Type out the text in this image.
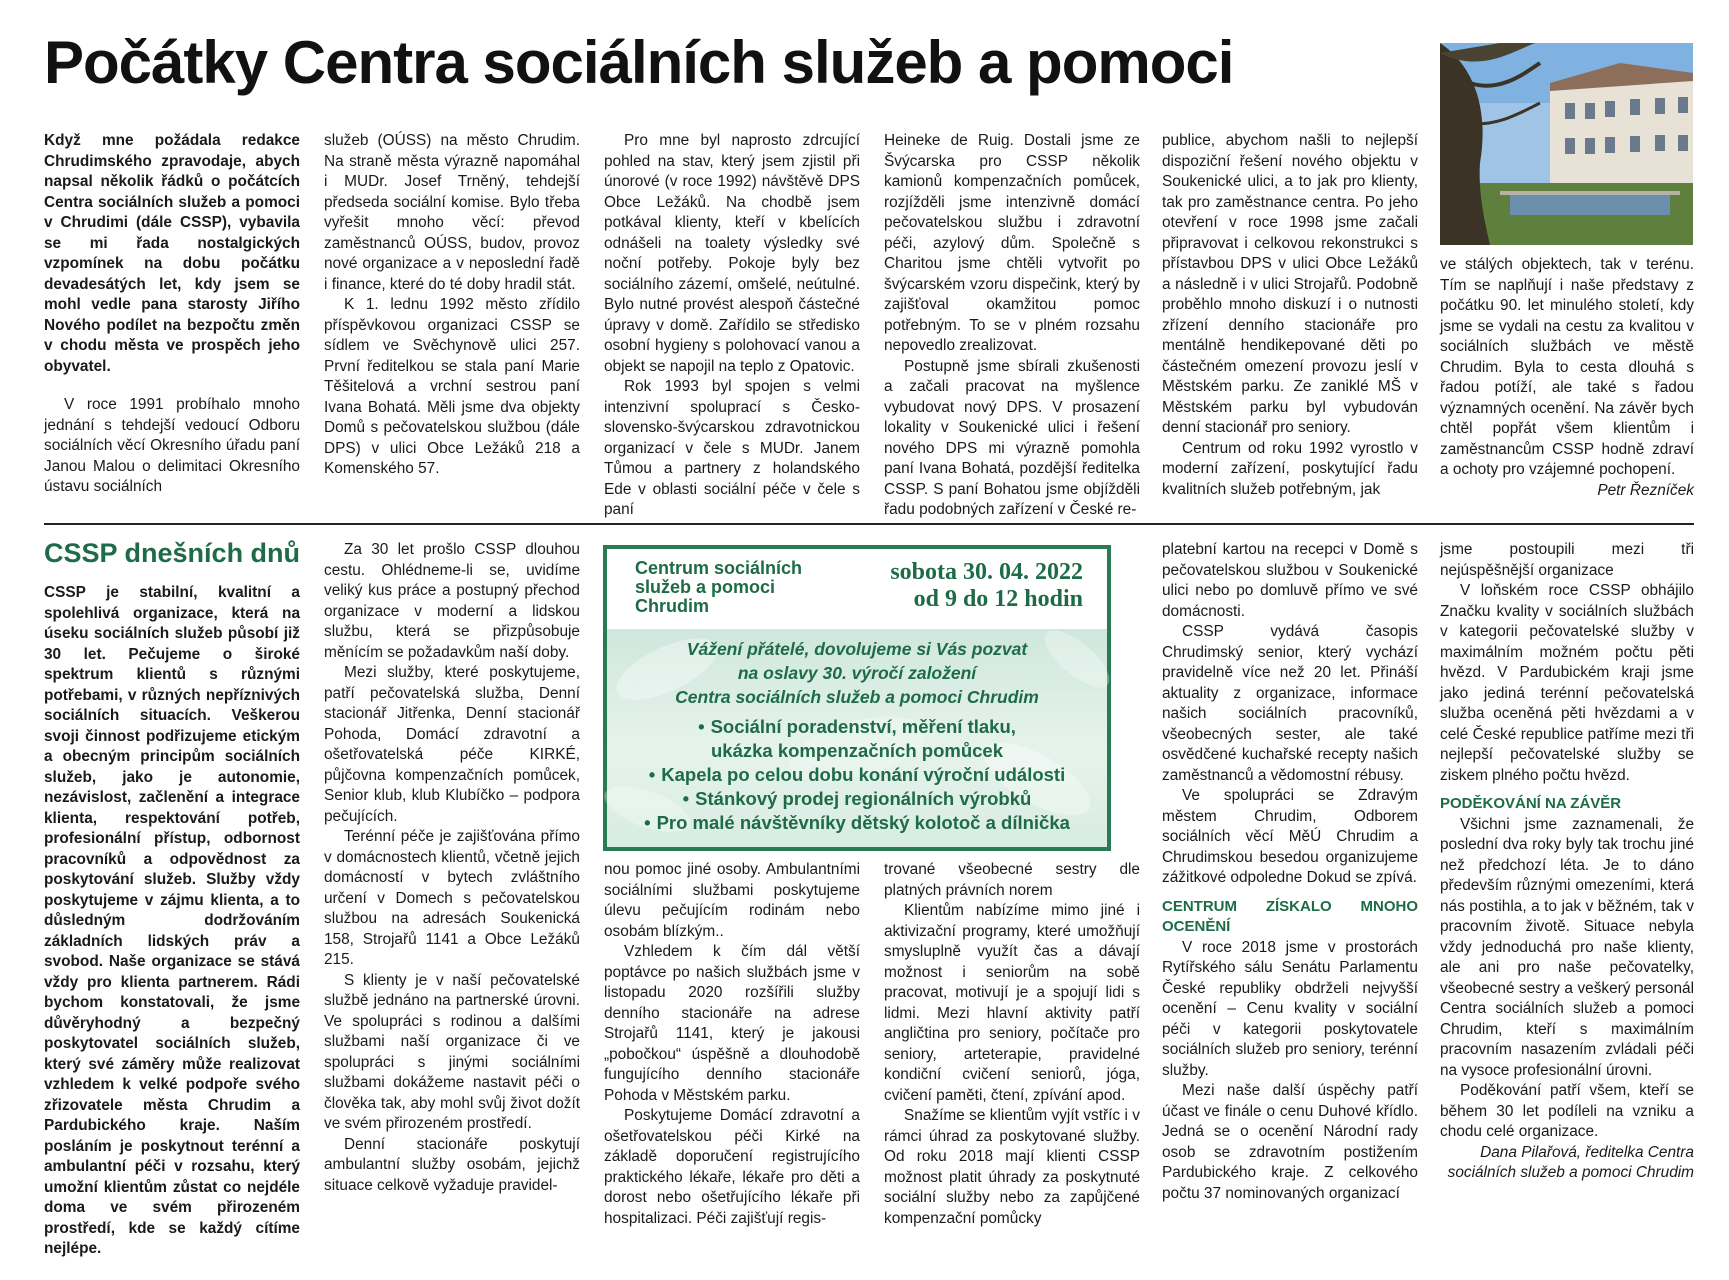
Počátky Centra sociálních služeb a pomoci

Když mne požádala redakce Chrudimského zpravodaje, abych napsal několik řádků o počátcích Centra sociálních služeb a pomoci v Chrudimi (dále CSSP), vybavila se mi řada nostalgických vzpomínek na dobu počátku devadesátých let, kdy jsem se mohl vedle pana starosty Jiřího Nového podílet na bezpočtu změn v chodu města ve prospěch jeho obyvatel.

V roce 1991 probíhalo mnoho jednání s tehdejší vedoucí Odboru sociálních věcí Okresního úřadu paní Janou Malou o delimitaci Okresního ústavu sociálních

služeb (OÚSS) na město Chrudim. Na straně města výrazně napomáhal i MUDr. Josef Trněný, tehdejší předseda sociální komise. Bylo třeba vyřešit mnoho věcí: převod zaměstnanců OÚSS, budov, provoz nové organizace a v neposlední řadě i finance, které do té doby hradil stát.

K 1. lednu 1992 město zřídilo příspěvkovou organizaci CSSP se sídlem ve Svěchynově ulici 257. První ředitelkou se stala paní Marie Těšitelová a vrchní sestrou paní Ivana Bohatá. Měli jsme dva objekty Domů s pečovatelskou službou (dále DPS) v ulici Obce Ležáků 218 a Komenského 57.

Pro mne byl naprosto zdrcující pohled na stav, který jsem zjistil při únorové (v roce 1992) návštěvě DPS Obce Ležáků. Na chodbě jsem potkával klienty, kteří v kbelících odnášeli na toalety výsledky své noční potřeby. Pokoje byly bez sociálního zázemí, omšelé, neútulné. Bylo nutné provést alespoň částečné úpravy v domě. Zařídilo se středisko osobní hygieny s polohovací vanou a objekt se napojil na teplo z Opatovic.

Rok 1993 byl spojen s velmi intenzivní spoluprací s Česko-slovensko-švýcarskou zdravotnickou organizací v čele s MUDr. Janem Tůmou a partnery z holandského Ede v oblasti sociální péče v čele s paní

Heineke de Ruig. Dostali jsme ze Švýcarska pro CSSP několik kamionů kompenzačních pomůcek, rozjížděli jsme intenzivně domácí pečovatelskou službu i zdravotní péči, azylový dům. Společně s Charitou jsme chtěli vytvořit po švýcarském vzoru dispečink, který by zajišťoval okamžitou pomoc potřebným. To se v plném rozsahu nepovedlo zrealizovat.

Postupně jsme sbírali zkušenosti a začali pracovat na myšlence vybudovat nový DPS. V prosazení lokality v Soukenické ulici i řešení nového DPS mi výrazně pomohla paní Ivana Bohatá, pozdější ředitelka CSSP. S paní Bohatou jsme objížděli řadu podobných zařízení v České re-

publice, abychom našli to nejlepší dispoziční řešení nového objektu v Soukenické ulici, a to jak pro klienty, tak pro zaměstnance centra. Po jeho otevření v roce 1998 jsme začali připravovat i celkovou rekonstrukci s přístavbou DPS v ulici Obce Ležáků a následně i v ulici Strojařů. Podobně proběhlo mnoho diskuzí i o nutnosti zřízení denního stacionáře pro mentálně hendikepované děti po částečném omezení provozu jeslí v Městském parku. Ze zaniklé MŠ v Městském parku byl vybudován denní stacionář pro seniory.

Centrum od roku 1992 vyrostlo v moderní zařízení, poskytující řadu kvalitních služeb potřebným, jak

ve stálých objektech, tak v terénu. Tím se naplňují i naše představy z počátku 90. let minulého století, kdy jsme se vydali na cestu za kvalitou v sociálních službách ve městě Chrudim. Byla to cesta dlouhá s řadou potíží, ale také s řadou významných ocenění. Na závěr bych chtěl popřát všem klientům i zaměstnancům CSSP hodně zdraví a ochoty pro vzájemné pochopení.

Petr Řezníček

CSSP dnešních dnů

CSSP je stabilní, kvalitní a spolehlivá organizace, která na úseku sociálních služeb působí již 30 let. Pečujeme o široké spektrum klientů s různými potřebami, v různých nepříznivých sociálních situacích. Veškerou svoji činnost podřizujeme etickým a obecným principům sociálních služeb, jako je autonomie, nezávislost, začlenění a integrace klienta, respektování potřeb, profesionální přístup, odbornost pracovníků a odpovědnost za poskytování služeb. Služby vždy poskytujeme v zájmu klienta, a to důsledným dodržováním základních lidských práv a svobod. Naše organizace se stává vždy pro klienta partnerem. Rádi bychom konstatovali, že jsme důvěryhodný a bezpečný poskytovatel sociálních služeb, který své záměry může realizovat vzhledem k velké podpoře svého zřizovatele města Chrudim a Pardubického kraje. Naším posláním je poskytnout terénní a ambulantní péči v rozsahu, který umožní klientům zůstat co nejdéle doma ve svém přirozeném prostředí, kde se každý cítíme nejlépe.

Za 30 let prošlo CSSP dlouhou cestu. Ohlédneme-li se, uvidíme veliký kus práce a postupný přechod organizace v moderní a lidskou službu, která se přizpůsobuje měnícím se požadavkům naší doby.

Mezi služby, které poskytujeme, patří pečovatelská služba, Denní stacionář Jitřenka, Denní stacionář Pohoda, Domácí zdravotní a ošetřovatelská péče KIRKÉ, půjčovna kompenzačních pomůcek, Senior klub, klub Klubíčko – podpora pečujících.

Terénní péče je zajišťována přímo v domácnostech klientů, včetně jejich domácností v bytech zvláštního určení v Domech s pečovatelskou službou na adresách Soukenická 158, Strojařů 1141 a Obce Ležáků 215.

S klienty je v naší pečovatelské službě jednáno na partnerské úrovni. Ve spolupráci s rodinou a dalšími službami naší organizace či ve spolupráci s jinými sociálními službami dokážeme nastavit péči o člověka tak, aby mohl svůj život dožít ve svém přirozeném prostředí.

Denní stacionáře poskytují ambulantní služby osobám, jejichž situace celkově vyžaduje pravidel-

Centrum sociálních
služeb a pomoci
Chrudim
sobota 30. 04. 2022
od 9 do 12 hodin
Vážení přátelé, dovolujeme si Vás pozvat
na oslavy 30. výročí založení
Centra sociálních služeb a pomoci Chrudim
• Sociální poradenství, měření tlaku,
ukázka kompenzačních pomůcek
• Kapela po celou dobu konání výroční události
• Stánkový prodej regionálních výrobků
• Pro malé návštěvníky dětský kolotoč a dílnička

nou pomoc jiné osoby. Ambulantními sociálními službami poskytujeme úlevu pečujícím rodinám nebo osobám blízkým..

Vzhledem k čím dál větší poptávce po našich službách jsme v listopadu 2020 rozšířili služby denního stacionáře na adrese Strojařů 1141, který je jakousi „pobočkou“ úspěšně a dlouhodobě fungujícího denního stacionáře Pohoda v Městském parku.

Poskytujeme Domácí zdravotní a ošetřovatelskou péči Kirké na základě doporučení registrujícího praktického lékaře, lékaře pro děti a dorost nebo ošetřujícího lékaře při hospitalizaci. Péči zajišťují regis-

trované všeobecné sestry dle platných právních norem

Klientům nabízíme mimo jiné i aktivizační programy, které umožňují smysluplně využít čas a dávají možnost i seniorům na sobě pracovat, motivují je a spojují lidi s lidmi. Mezi hlavní aktivity patří angličtina pro seniory, počítače pro seniory, arteterapie, pravidelné kondiční cvičení seniorů, jóga, cvičení paměti, čtení, zpívání apod.

Snažíme se klientům vyjít vstříc i v rámci úhrad za poskytované služby. Od roku 2018 mají klienti CSSP možnost platit úhrady za poskytnuté sociální služby nebo za zapůjčené kompenzační pomůcky

platební kartou na recepci v Domě s pečovatelskou službou v Soukenické ulici nebo po domluvě přímo ve své domácnosti.

CSSP vydává časopis Chrudimský senior, který vychází pravidelně více než 20 let. Přináší aktuality z organizace, informace našich sociálních pracovníků, všeobecných sester, ale také osvědčené kuchařské recepty našich zaměstnanců a vědomostní rébusy.

Ve spolupráci se Zdravým městem Chrudim, Odborem sociálních věcí MěÚ Chrudim a Chrudimskou besedou organizujeme zážitkové odpoledne Dokud se zpívá.

CENTRUM ZÍSKALO MNOHO OCENĚNÍ

V roce 2018 jsme v prostorách Rytířského sálu Senátu Parlamentu České republiky obdrželi nejvyšší ocenění – Cenu kvality v sociální péči v kategorii poskytovatele sociálních služeb pro seniory, terénní služby.

Mezi naše další úspěchy patří účast ve finále o cenu Duhové křídlo. Jedná se o ocenění Národní rady osob se zdravotním postižením Pardubického kraje. Z celkového počtu 37 nominovaných organizací

jsme postoupili mezi tři nejúspěšnější organizace

V loňském roce CSSP obhájilo Značku kvality v sociálních službách v kategorii pečovatelské služby v maximálním možném počtu pěti hvězd. V Pardubickém kraji jsme jako jediná terénní pečovatelská služba oceněná pěti hvězdami a v celé České republice patříme mezi tři nejlepší pečovatelské služby se ziskem plného počtu hvězd.

PODĚKOVÁNÍ NA ZÁVĚR

Všichni jsme zaznamenali, že poslední dva roky byly tak trochu jiné než předchozí léta. Je to dáno především různými omezeními, která nás postihla, a to jak v běžném, tak v pracovním životě. Situace nebyla vždy jednoduchá pro naše klienty, ale ani pro naše pečovatelky, všeobecné sestry a veškerý personál Centra sociálních služeb a pomoci Chrudim, kteří s maximálním pracovním nasazením zvládali péči na vysoce profesionální úrovni.

Poděkování patří všem, kteří se během 30 let podíleli na vzniku a chodu celé organizace.

Dana Pilařová, ředitelka Centra sociálních služeb a pomoci Chrudim
